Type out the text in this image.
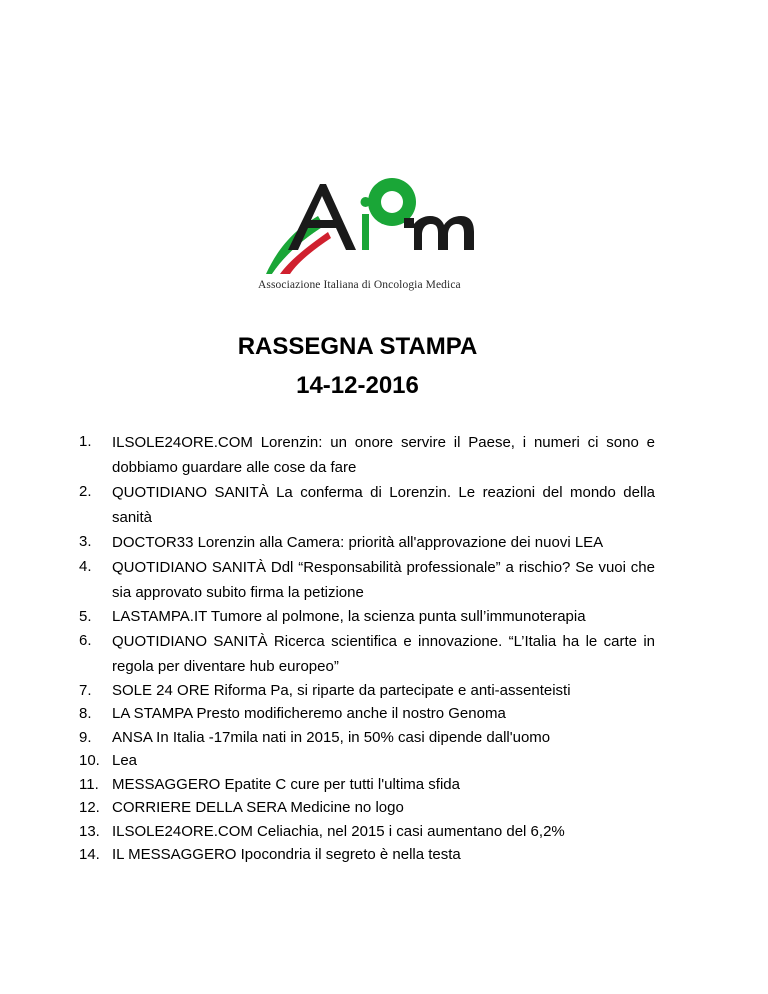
Associazione Italiana di Oncologia Medica
RASSEGNA STAMPA
14-12-2016
1.	ILSOLE24ORE.COM Lorenzin: un onore servire il Paese, i numeri ci sono e dobbiamo guardare alle cose da fare
2.	QUOTIDIANO SANITÀ La conferma di Lorenzin. Le reazioni del mondo della sanità
3.	DOCTOR33 Lorenzin alla Camera: priorità all'approvazione dei nuovi LEA
4.	QUOTIDIANO SANITÀ Ddl “Responsabilità professionale” a rischio? Se vuoi che sia approvato subito firma la petizione
5.	LASTAMPA.IT Tumore al polmone, la scienza punta sull’immunoterapia
6.	QUOTIDIANO SANITÀ Ricerca scientifica e innovazione. “L’Italia ha le carte in regola per diventare hub europeo”
7.	SOLE 24 ORE Riforma Pa, si riparte da partecipate e anti-assenteisti
8.	LA STAMPA Presto modificheremo anche il nostro Genoma
9.	ANSA In Italia -17mila nati in 2015, in 50% casi dipende dall'uomo
10. Lea
11. MESSAGGERO Epatite C cure per tutti l'ultima sfida
12. CORRIERE DELLA SERA Medicine no logo
13. ILSOLE24ORE.COM Celiachia, nel 2015 i casi aumentano del 6,2%
14. IL MESSAGGERO Ipocondria il segreto è nella testa
